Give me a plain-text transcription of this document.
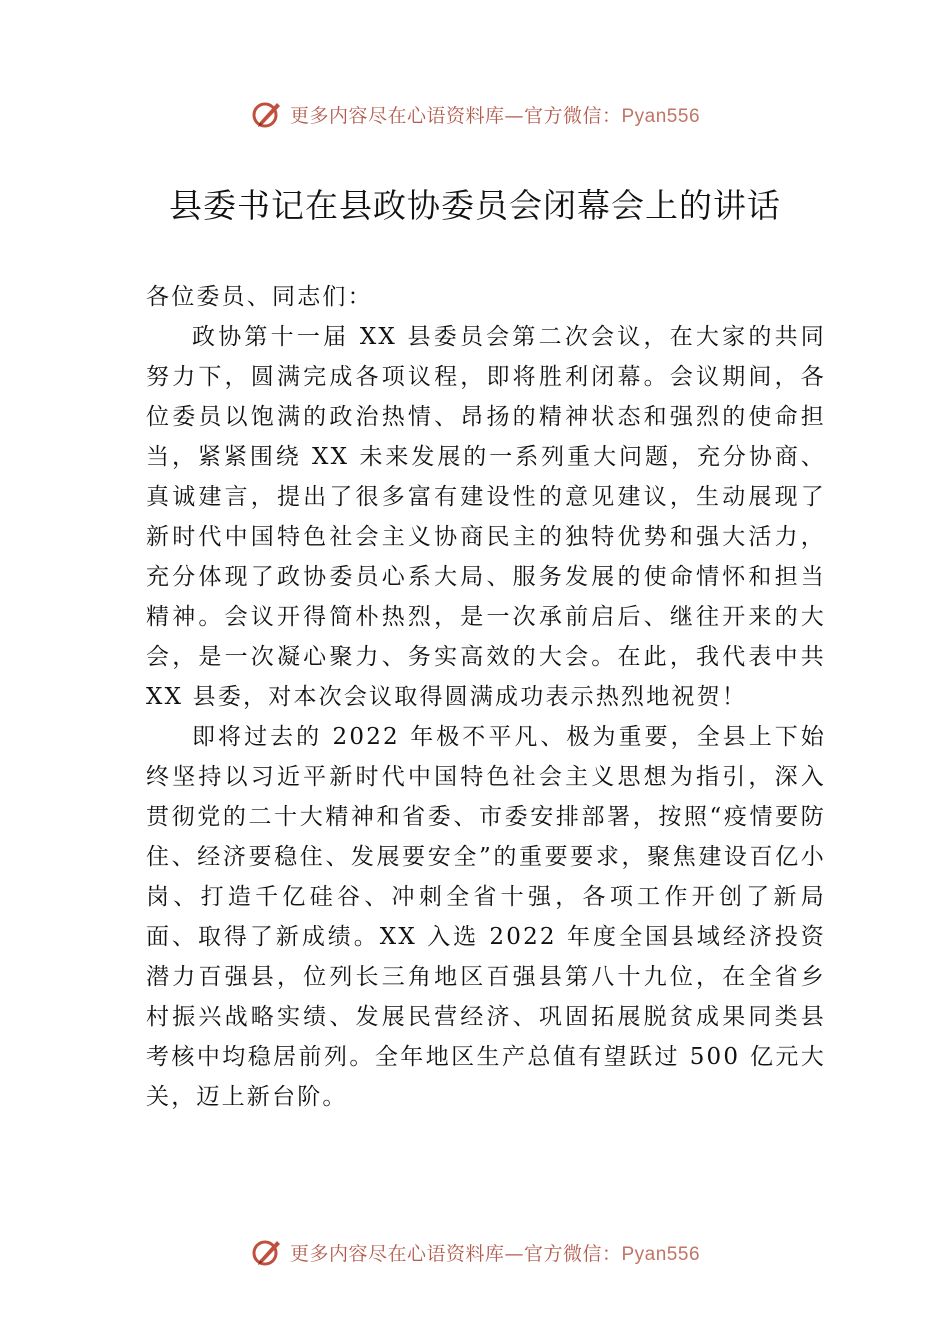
更多内容尽在心语资料库—官方微信：Pyan556
县委书记在县政协委员会闭幕会上的讲话

各位委员、同志们：

政协第十一届 XX 县委员会第二次会议，在大家的共同努力下，圆满完成各项议程，即将胜利闭幕。会议期间，各位委员以饱满的政治热情、昂扬的精神状态和强烈的使命担当，紧紧围绕 XX 未来发展的一系列重大问题，充分协商、真诚建言，提出了很多富有建设性的意见建议，生动展现了新时代中国特色社会主义协商民主的独特优势和强大活力， 充分体现了政协委员心系大局、服务发展的使命情怀和担当精神。会议开得简朴热烈，是一次承前启后、继往开来的大会，是一次凝心聚力、务实高效的大会。在此，我代表中共 XX 县委，对本次会议取得圆满成功表示热烈地祝贺！

即将过去的 2022 年极不平凡、极为重要，全县上下始终坚持以习近平新时代中国特色社会主义思想为指引，深入贯彻党的二十大精神和省委、市委安排部署，按照“疫情要防住、经济要稳住、发展要安全”的重要要求，聚焦建设百亿小岗、打造千亿硅谷、冲刺全省十强，各项工作开创了新局面、取得了新成绩。XX 入选 2022 年度全国县域经济投资潜力百强县，位列长三角地区百强县第八十九位，在全省乡村振兴战略实绩、发展民营经济、巩固拓展脱贫成果同类县考核中均稳居前列。全年地区生产总值有望跃过 500 亿元大关，迈上新台阶。

更多内容尽在心语资料库—官方微信：Pyan556
